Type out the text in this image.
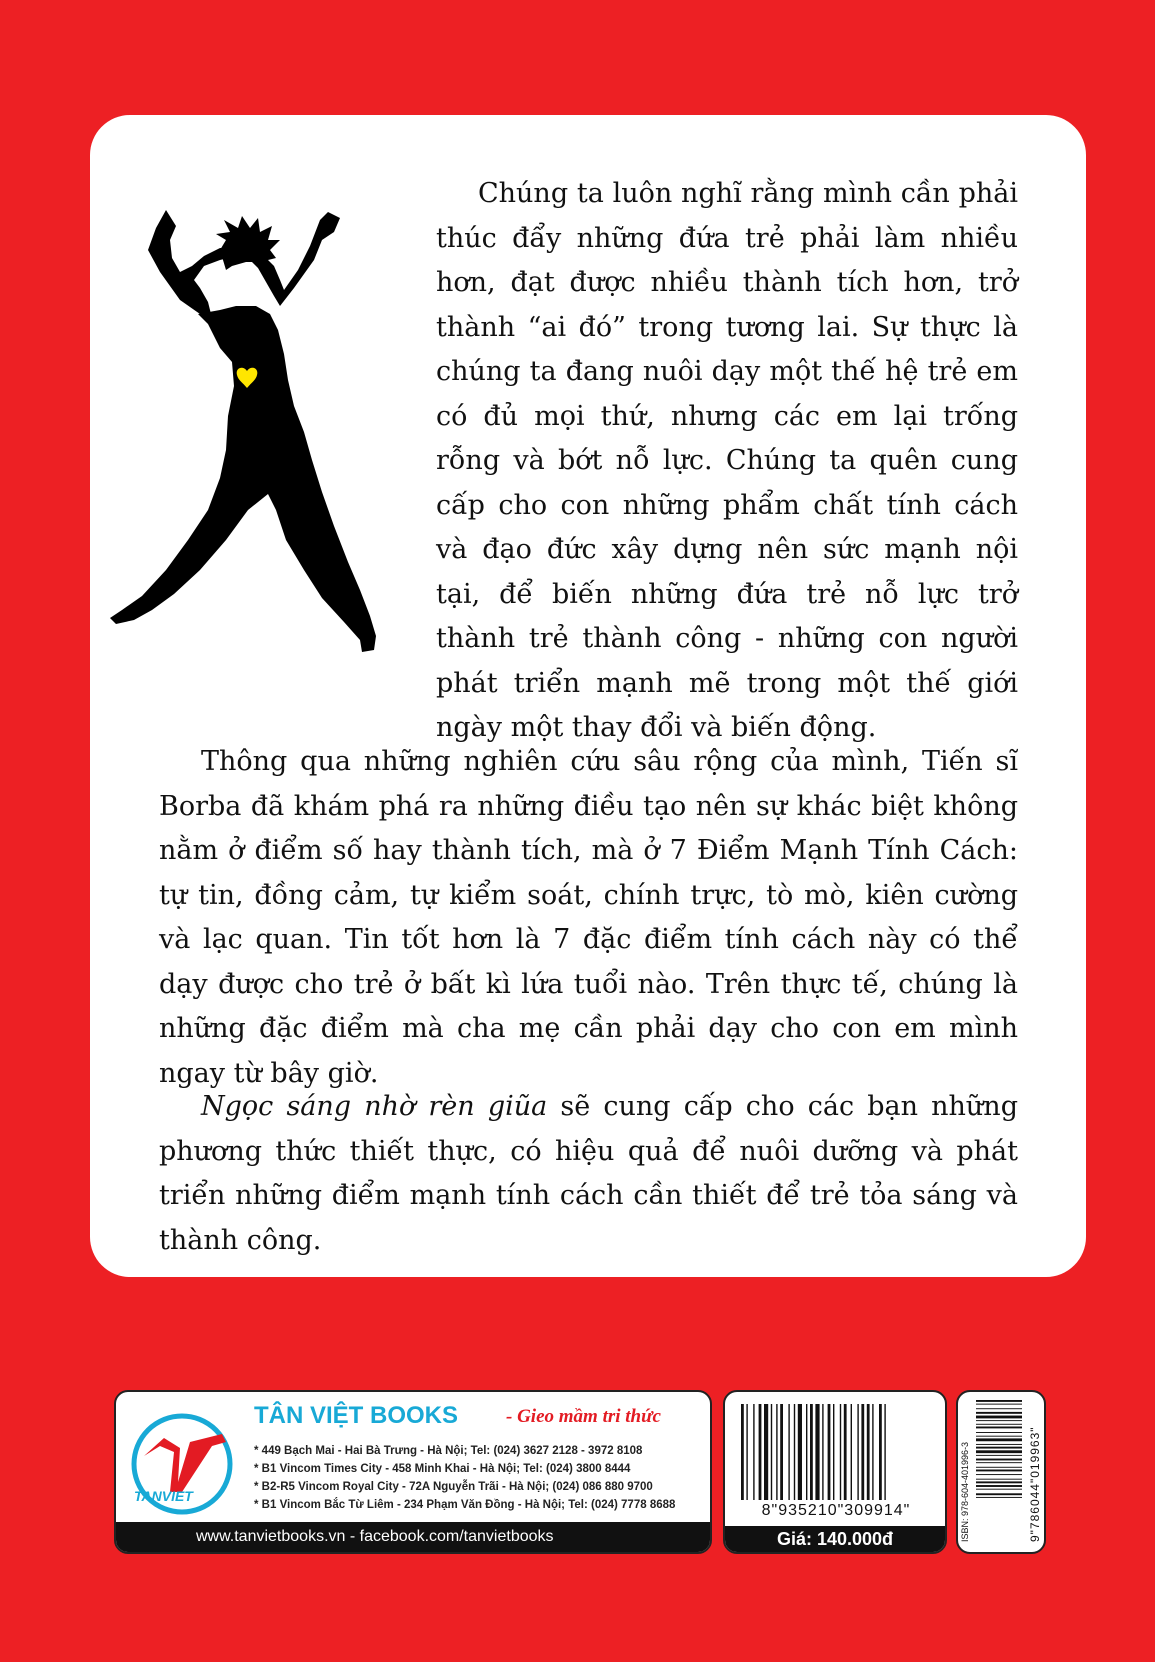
Chúng ta luôn nghĩ rằng mình cần phải thúc đẩy những đứa trẻ phải làm nhiều hơn, đạt được nhiều thành tích hơn, trở thành “ai đó” trong tương lai. Sự thực là chúng ta đang nuôi dạy một thế hệ trẻ em có đủ mọi thứ, nhưng các em lại trống rỗng và bớt nỗ lực. Chúng ta quên cung cấp cho con những phẩm chất tính cách và đạo đức xây dựng nên sức mạnh nội tại, để biến những đứa trẻ nỗ lực trở thành trẻ thành công - những con người phát triển mạnh mẽ trong một thế giới ngày một thay đổi và biến động.

Thông qua những nghiên cứu sâu rộng của mình, Tiến sĩ Borba đã khám phá ra những điều tạo nên sự khác biệt không nằm ở điểm số hay thành tích, mà ở 7 Điểm Mạnh Tính Cách: tự tin, đồng cảm, tự kiểm soát, chính trực, tò mò, kiên cường và lạc quan. Tin tốt hơn là 7 đặc điểm tính cách này có thể dạy được cho trẻ ở bất kì lứa tuổi nào. Trên thực tế, chúng là những đặc điểm mà cha mẹ cần phải dạy cho con em mình ngay từ bây giờ.

Ngọc sáng nhờ rèn giũa sẽ cung cấp cho các bạn những phương thức thiết thực, có hiệu quả để nuôi dưỡng và phát triển những điểm mạnh tính cách cần thiết để trẻ tỏa sáng và thành công.

TANVIET
TÂN VIỆT BOOKS	- Gieo mầm tri thức
* 449 Bạch Mai - Hai Bà Trưng - Hà Nội; Tel: (024) 3627 2128 - 3972 8108
* B1 Vincom Times City - 458 Minh Khai - Hà Nội; Tel: (024) 3800 8444
* B2-R5 Vincom Royal City - 72A Nguyễn Trãi - Hà Nội; (024) 086 880 9700
* B1 Vincom Bắc Từ Liêm - 234 Phạm Văn Đồng - Hà Nội; Tel: (024) 7778 8688
www.tanvietbooks.vn - facebook.com/tanvietbooks
8"935210"309914"
Giá: 140.000đ	ISBN: 978-604-401996-3	9"786044"019963"
